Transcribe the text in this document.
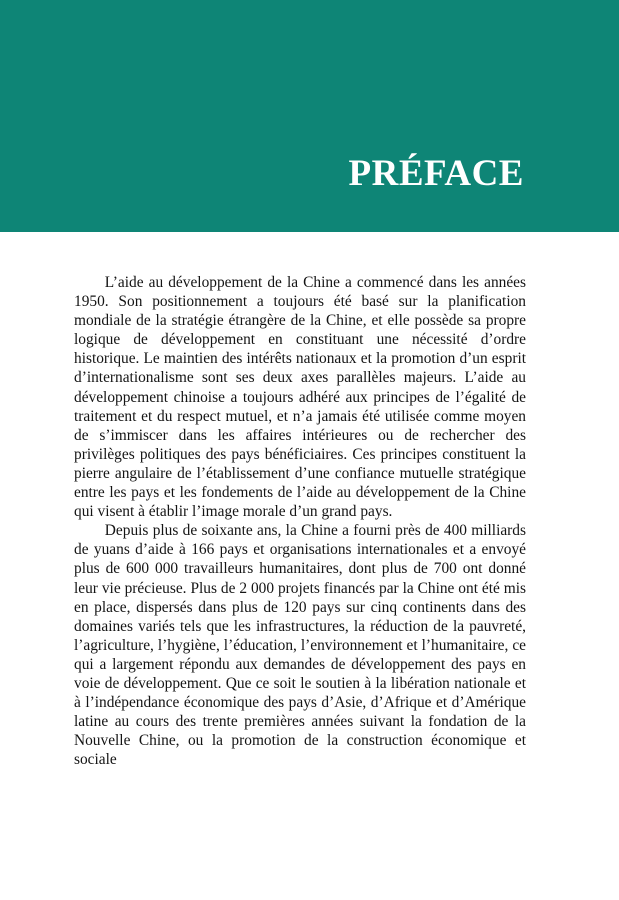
PRÉFACE

L’aide au développement de la Chine a commencé dans les années 1950. Son positionnement a toujours été basé sur la planification mondiale de la stratégie étrangère de la Chine, et elle possède sa propre logique de développement en constituant une nécessité d’ordre historique. Le maintien des intérêts nationaux et la promotion d’un esprit d’internationalisme sont ses deux axes parallèles majeurs. L’aide au développement chinoise a toujours adhéré aux principes de l’égalité de traitement et du respect mutuel, et n’a jamais été utilisée comme moyen de s’immiscer dans les affaires intérieures ou de rechercher des privilèges politiques des pays bénéficiaires. Ces principes constituent la pierre angulaire de l’établissement d’une confiance mutuelle stratégique entre les pays et les fondements de l’aide au développement de la Chine qui visent à établir l’image morale d’un grand pays.

Depuis plus de soixante ans, la Chine a fourni près de 400 milliards de yuans d’aide à 166 pays et organisations internationales et a envoyé plus de 600 000 travailleurs humanitaires, dont plus de 700 ont donné leur vie précieuse. Plus de 2 000 projets financés par la Chine ont été mis en place, dispersés dans plus de 120 pays sur cinq continents dans des domaines variés tels que les infrastructures, la réduction de la pauvreté, l’agriculture, l’hygiène, l’éducation, l’environnement et l’humanitaire, ce qui a largement répondu aux demandes de développement des pays en voie de développement. Que ce soit le soutien à la libération nationale et à l’indépendance économique des pays d’Asie, d’Afrique et d’Amérique latine au cours des trente premières années suivant la fondation de la Nouvelle Chine, ou la promotion de la construction économique et sociale
